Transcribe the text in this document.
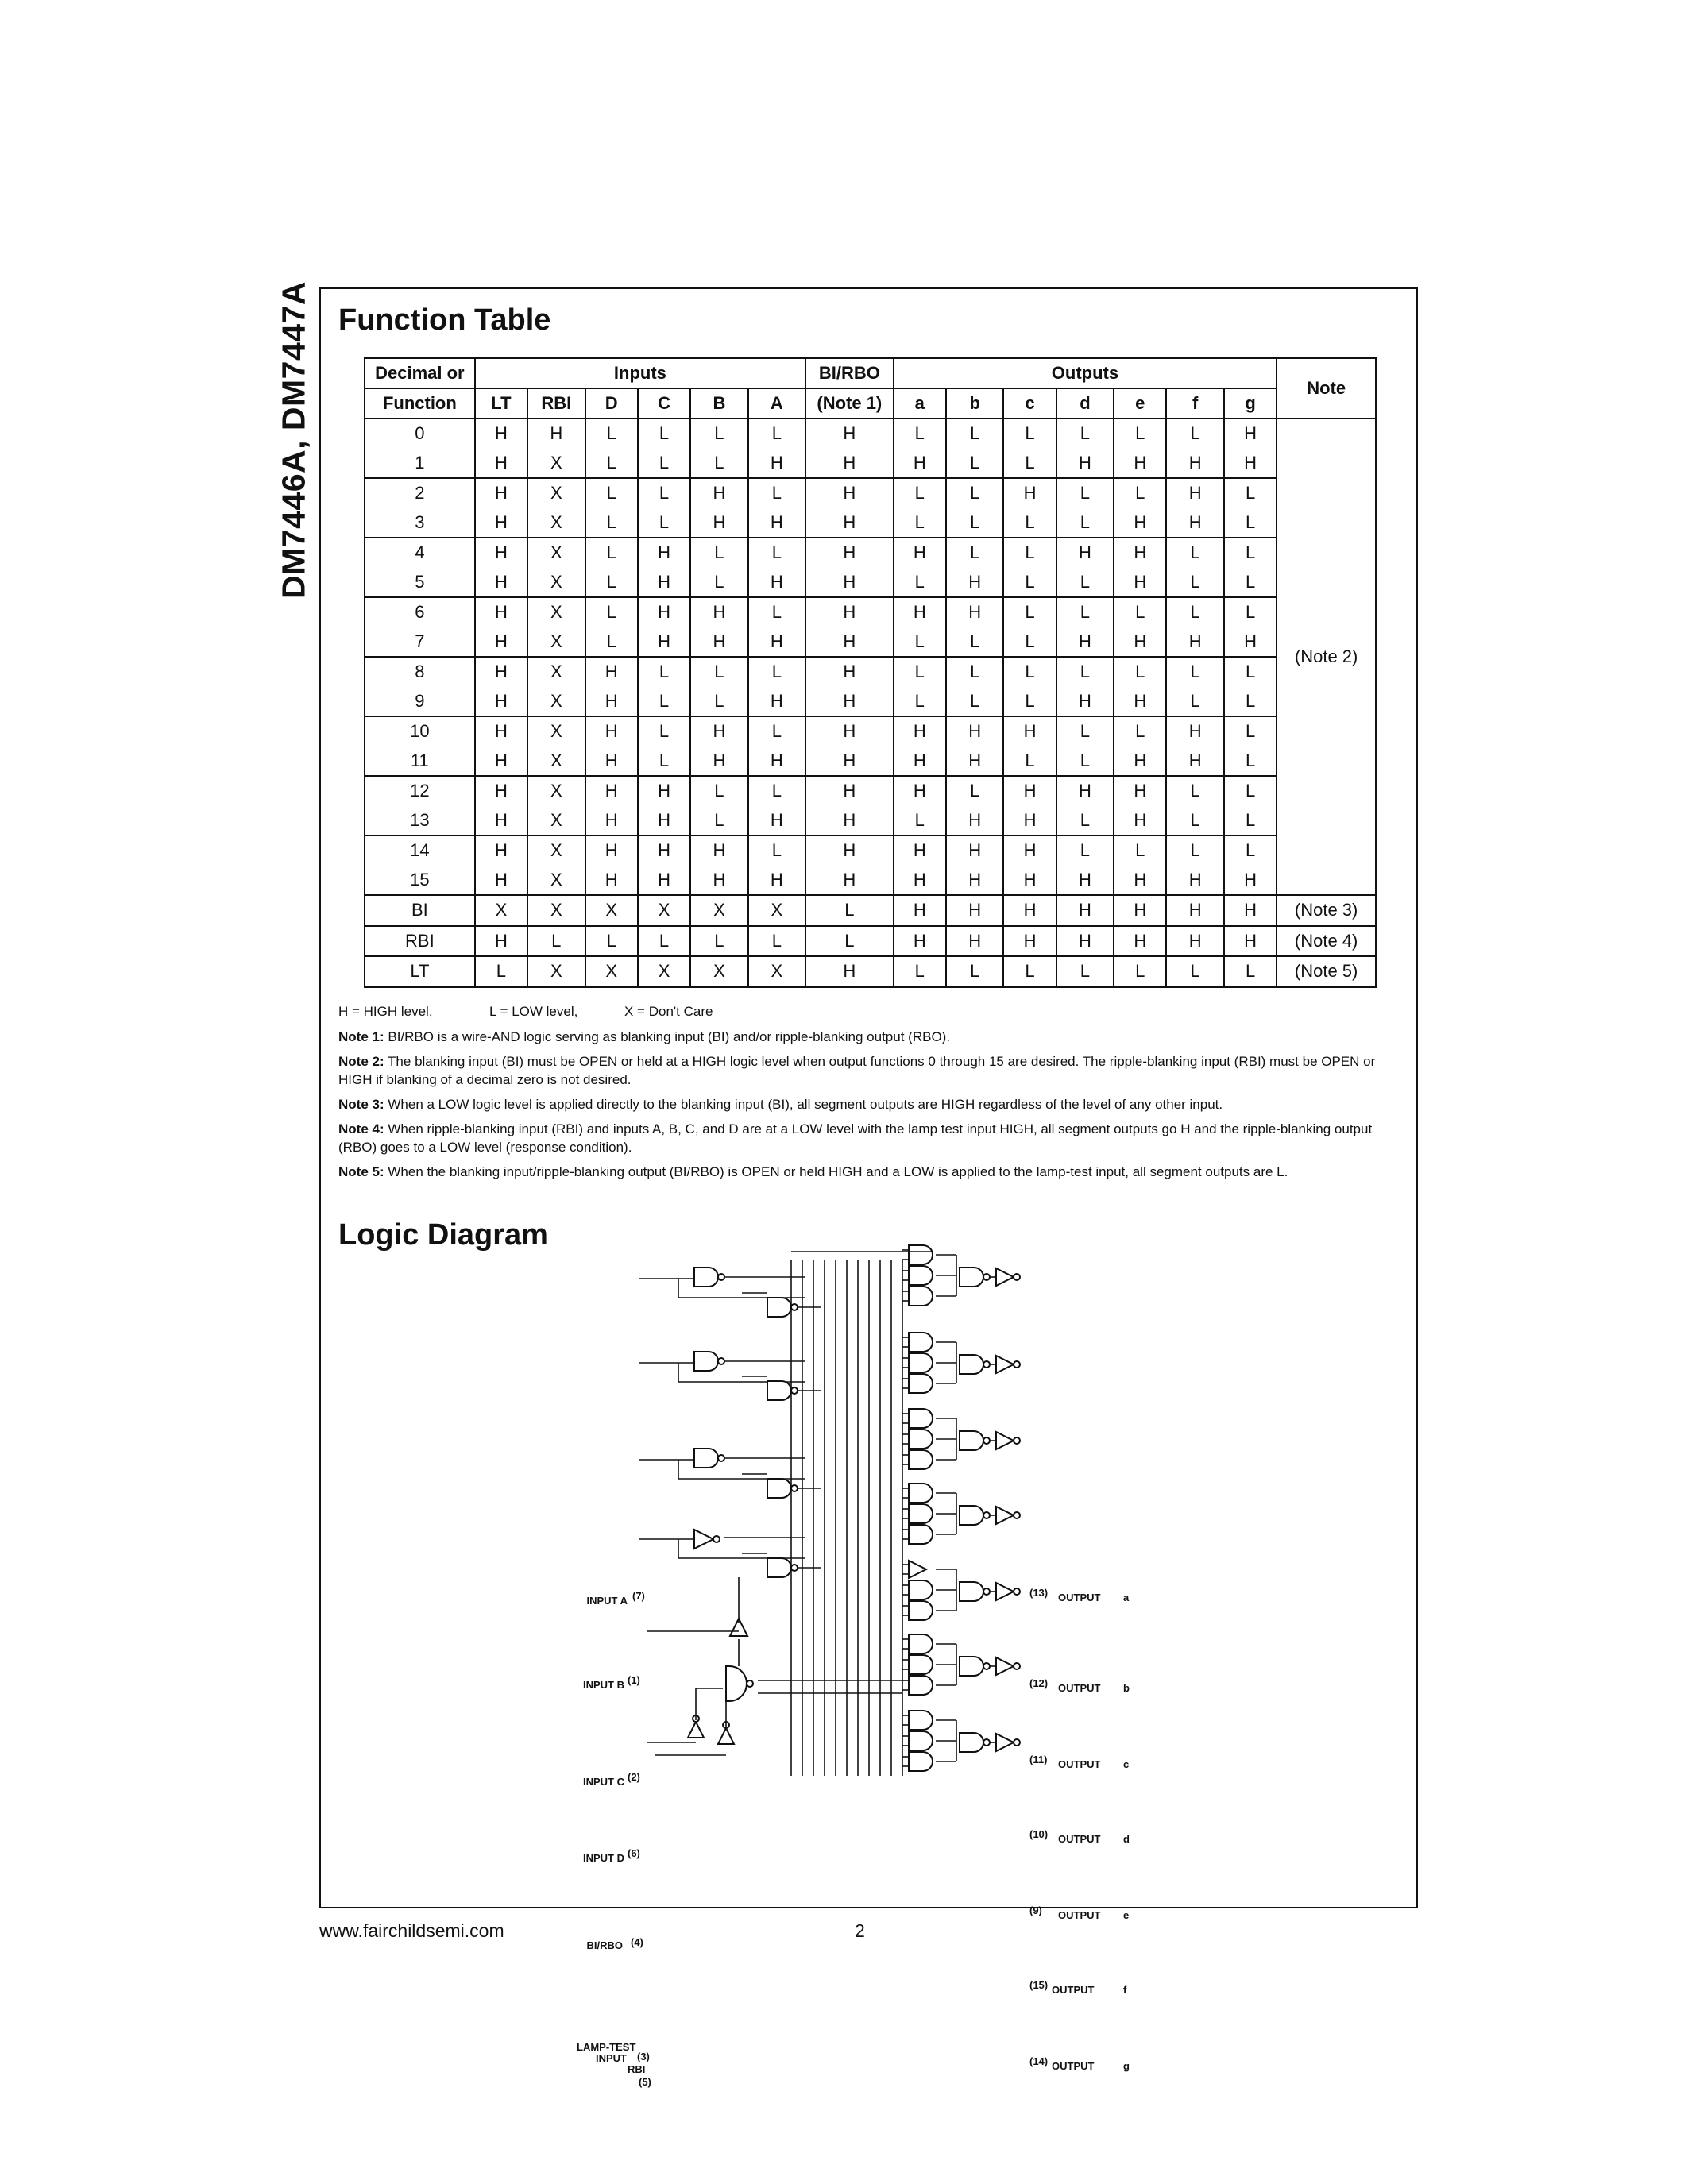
DM7446A, DM7447A Function Table
Decimal or	Inputs						BI/RBO	Outputs							Note
Function	LT	RBI	D	C	B	A	(Note 1)	a	b	c	d	e	f	g	
0	H	H	L	L	L	L	H	L	L	L	L	L	L	H	(Note 2)
1	H	X	L	L	L	H	H	H	L	L	H	H	H	H	
2	H	X	L	L	H	L	H	L	L	H	L	L	H	L	
3	H	X	L	L	H	H	H	L	L	L	L	H	H	L	
4	H	X	L	H	L	L	H	H	L	L	H	H	L	L	
5	H	X	L	H	L	H	H	L	H	L	L	H	L	L	
6	H	X	L	H	H	L	H	H	H	L	L	L	L	L	
7	H	X	L	H	H	H	H	L	L	L	H	H	H	H	
8	H	X	H	L	L	L	H	L	L	L	L	L	L	L	
9	H	X	H	L	L	H	H	L	L	L	H	H	L	L	
10	H	X	H	L	H	L	H	H	H	H	L	L	H	L	
11	H	X	H	L	H	H	H	H	H	L	L	H	H	L	
12	H	X	H	H	L	L	H	H	L	H	H	H	L	L	
13	H	X	H	H	L	H	H	L	H	H	L	H	L	L	
14	H	X	H	H	H	L	H	H	H	H	L	L	L	L	
15	H	X	H	H	H	H	H	H	H	H	H	H	H	H	
BI	X	X	X	X	X	X	L	H	H	H	H	H	H	H	(Note 3)
RBI	H	L	L	L	L	L	L	H	H	H	H	H	H	H	(Note 4)
LT	L	X	X	X	X	X	H	L	L	L	L	L	L	L	(Note 5)
H = HIGH level,	L = LOW level,	X = Don't Care

Note 1: BI/RBO is a wire-AND logic serving as blanking input (BI) and/or ripple-blanking output (RBO).

Note 2: The blanking input (BI) must be OPEN or held at a HIGH logic level when output functions 0 through 15 are desired. The ripple-blanking input (RBI) must be OPEN or HIGH if blanking of a decimal zero is not desired.

Note 3: When a LOW logic level is applied directly to the blanking input (BI), all segment outputs are HIGH regardless of the level of any other input.

Note 4: When ripple-blanking input (RBI) and inputs A, B, C, and D are at a LOW level with the lamp test input HIGH, all segment outputs go H and the ripple-blanking output (RBO) goes to a LOW level (response condition).

Note 5: When the blanking input/ripple-blanking output (BI/RBO) is OPEN or held HIGH and a LOW is applied to the lamp-test input, all segment outputs are L.

Logic Diagram
INPUT A (7)
INPUT B (1)
INPUT C (2)
INPUT D (6)
BI/RBO (4)
LAMP-TEST
INPUT (3)
RBI
(5)
(13) OUTPUT a
(12) OUTPUT b
(11) OUTPUT c
(10) OUTPUT d
(9) OUTPUT e
(15) OUTPUT	f
(14) OUTPUT	g
www.fairchildsemi.com	2
